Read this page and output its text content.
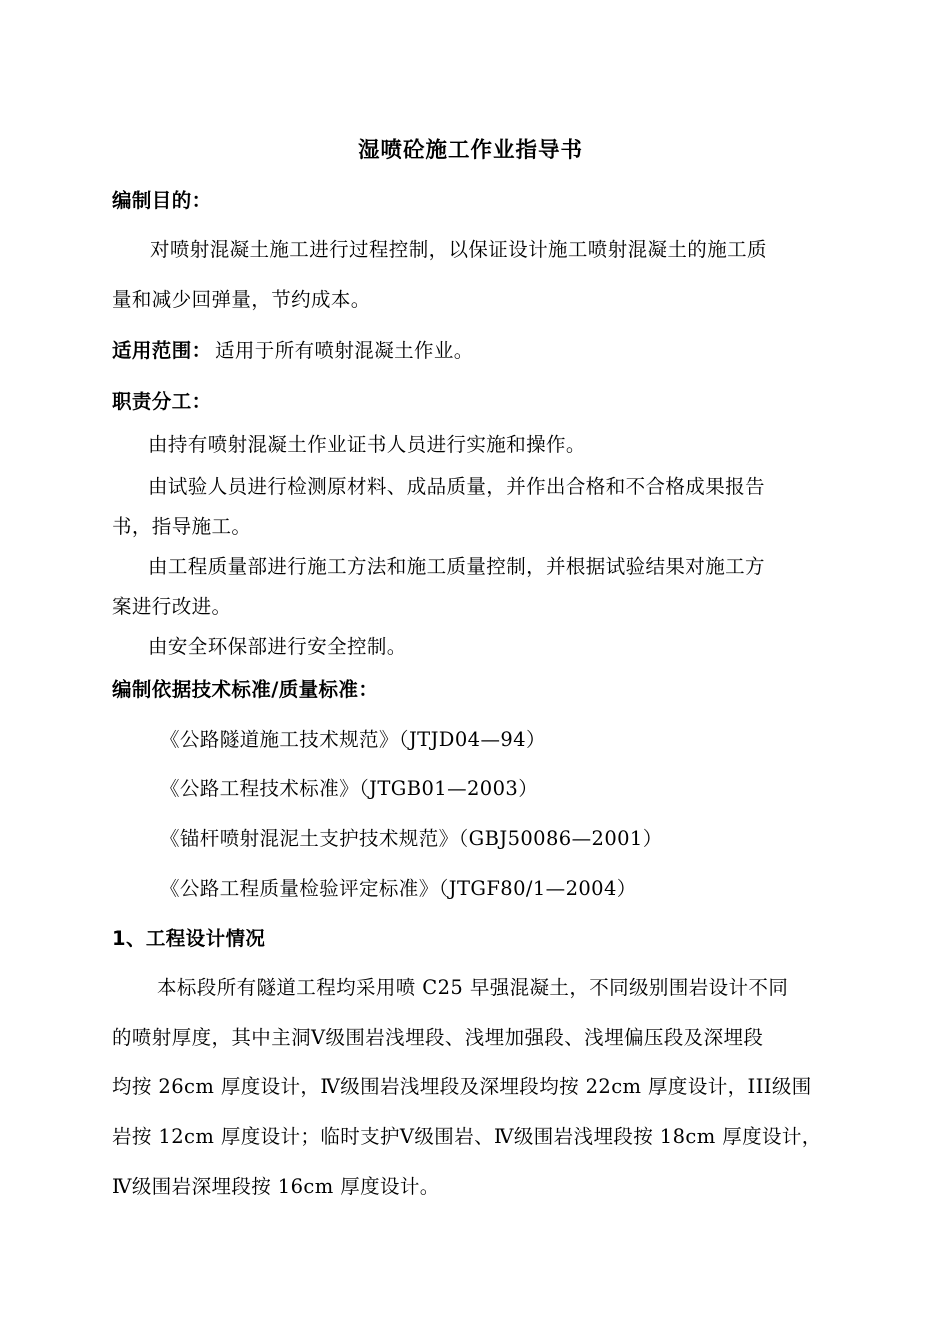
湿喷砼施工作业指导书
编制目的：
对喷射混凝土施工进行过程控制，以保证设计施工喷射混凝土的施工质
量和减少回弹量，节约成本。
适用范围： 适用于所有喷射混凝土作业。
职责分工：
由持有喷射混凝土作业证书人员进行实施和操作。
由试验人员进行检测原材料、成品质量，并作出合格和不合格成果报告
书，指导施工。
由工程质量部进行施工方法和施工质量控制，并根据试验结果对施工方
案进行改进。
由安全环保部进行安全控制。
编制依据技术标准/质量标准：
《公路隧道施工技术规范》（JTJD04—94）
《公路工程技术标准》（JTGB01—2003）
《锚杆喷射混泥土支护技术规范》（GBJ50086—2001）
《公路工程质量检验评定标准》（JTGF80/1—2004）
1、工程设计情况
本标段所有隧道工程均采用喷 C25 早强混凝土，不同级别围岩设计不同
的喷射厚度，其中主洞Ⅴ级围岩浅埋段、浅埋加强段、浅埋偏压段及深埋段
均按 26cm 厚度设计，Ⅳ级围岩浅埋段及深埋段均按 22cm 厚度设计，III级围
岩按 12cm 厚度设计；临时支护Ⅴ级围岩、Ⅳ级围岩浅埋段按 18cm 厚度设计，
Ⅳ级围岩深埋段按 16cm 厚度设计。
